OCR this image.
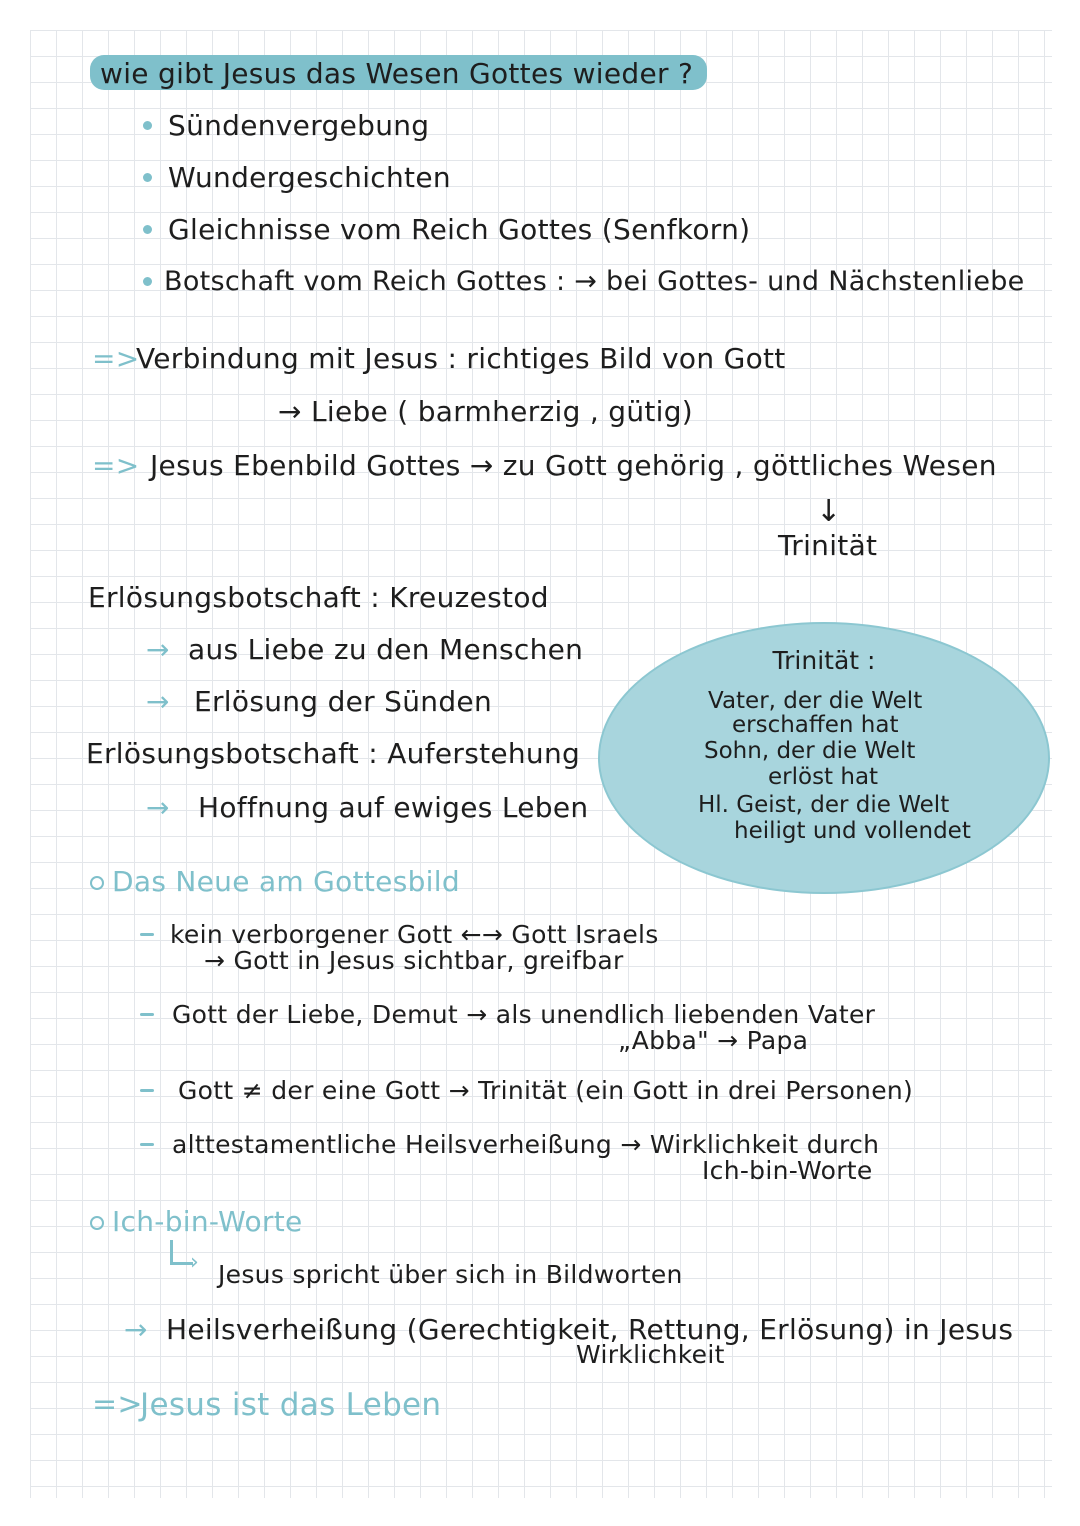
wie gibt Jesus das Wesen Gottes wieder ?
Sündenvergebung
Wundergeschichten
Gleichnisse vom Reich Gottes (Senfkorn)
Botschaft vom Reich Gottes : → bei Gottes- und Nächstenliebe
=>
Verbindung mit Jesus : richtiges Bild von Gott
→ Liebe ( barmherzig , gütig)
=> Jesus Ebenbild Gottes → zu Gott gehörig , göttliches Wesen
↓
Trinität
Erlösungsbotschaft : Kreuzestod
→ aus Liebe zu den Menschen
→ Erlösung der Sünden
Erlösungsbotschaft : Auferstehung
→ Hoffnung auf ewiges Leben
Trinität :
Vater, der die Welt
erschaffen hat
Sohn, der die Welt
erlöst hat
Hl. Geist, der die Welt
heiligt und vollendet
Das Neue am Gottesbild
kein verborgener Gott ←→ Gott Israels
→ Gott in Jesus sichtbar, greifbar
Gott der Liebe, Demut → als unendlich liebenden Vater
„Abba" → Papa
Gott ≠ der eine Gott → Trinität (ein Gott in drei Personen)
alttestamentliche Heilsverheißung → Wirklichkeit durch
Ich-bin-Worte
Ich-bin-Worte
› Jesus spricht über sich in Bildworten
→ Heilsverheißung (Gerechtigkeit, Rettung, Erlösung) in Jesus
Wirklichkeit
=>
Jesus ist das Leben
